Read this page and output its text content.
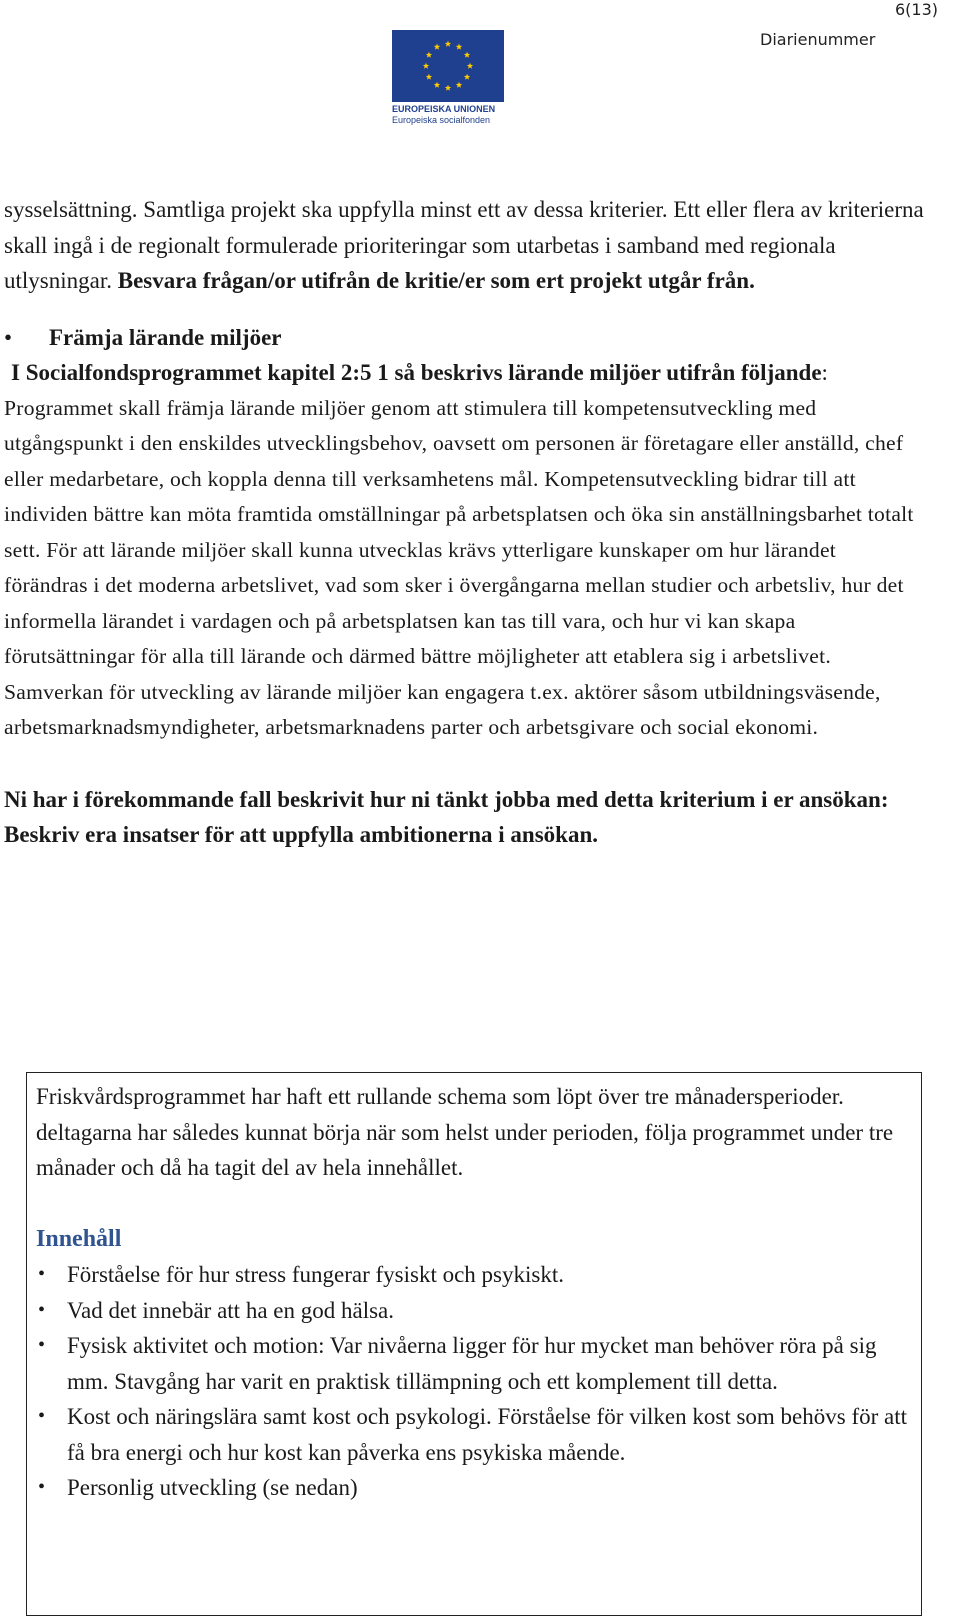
6(13)
Diarienummer
EUROPEISKA UNIONEN
Europeiska socialfonden

sysselsättning. Samtliga projekt ska uppfylla minst ett av dessa kriterier. Ett eller flera av kriterierna skall ingå i de regionalt formulerade prioriteringar som utarbetas i samband med regionala utlysningar. Besvara frågan/or utifrån de kritie/er som ert projekt utgår från.

• Främja lärande miljöer

I Socialfondsprogrammet kapitel 2:5 1 så beskrivs lärande miljöer utifrån följande:

Programmet skall främja lärande miljöer genom att stimulera till kompetensutveckling med utgångspunkt i den enskildes utvecklingsbehov, oavsett om personen är företagare eller anställd, chef eller medarbetare, och koppla denna till verksamhetens mål. Kompetensutveckling bidrar till att individen bättre kan möta framtida omställningar på arbetsplatsen och öka sin anställningsbarhet totalt sett. För att lärande miljöer skall kunna utvecklas krävs ytterligare kunskaper om hur lärandet förändras i det moderna arbetslivet, vad som sker i övergångarna mellan studier och arbetsliv, hur det informella lärandet i vardagen och på arbetsplatsen kan tas till vara, och hur vi kan skapa förutsättningar för alla till lärande och därmed bättre möjligheter att etablera sig i arbetslivet. Samverkan för utveckling av lärande miljöer kan engagera t.ex. aktörer såsom utbildningsväsende, arbetsmarknadsmyndigheter, arbetsmarknadens parter och arbetsgivare och social ekonomi.

Ni har i förekommande fall beskrivit hur ni tänkt jobba med detta kriterium i er ansökan: Beskriv era insatser för att uppfylla ambitionerna i ansökan.

Friskvårdsprogrammet har haft ett rullande schema som löpt över tre månadersperioder. deltagarna har således kunnat börja när som helst under perioden, följa programmet under tre månader och då ha tagit del av hela innehållet.

Innehåll

• Förståelse för hur stress fungerar fysiskt och psykiskt.
• Vad det innebär att ha en god hälsa.
• Fysisk aktivitet och motion: Var nivåerna ligger för hur mycket man behöver röra på sig mm. Stavgång har varit en praktisk tillämpning och ett komplement till detta.
• Kost och näringslära samt kost och psykologi. Förståelse för vilken kost som behövs för att få bra energi och hur kost kan påverka ens psykiska mående.
• Personlig utveckling (se nedan)
